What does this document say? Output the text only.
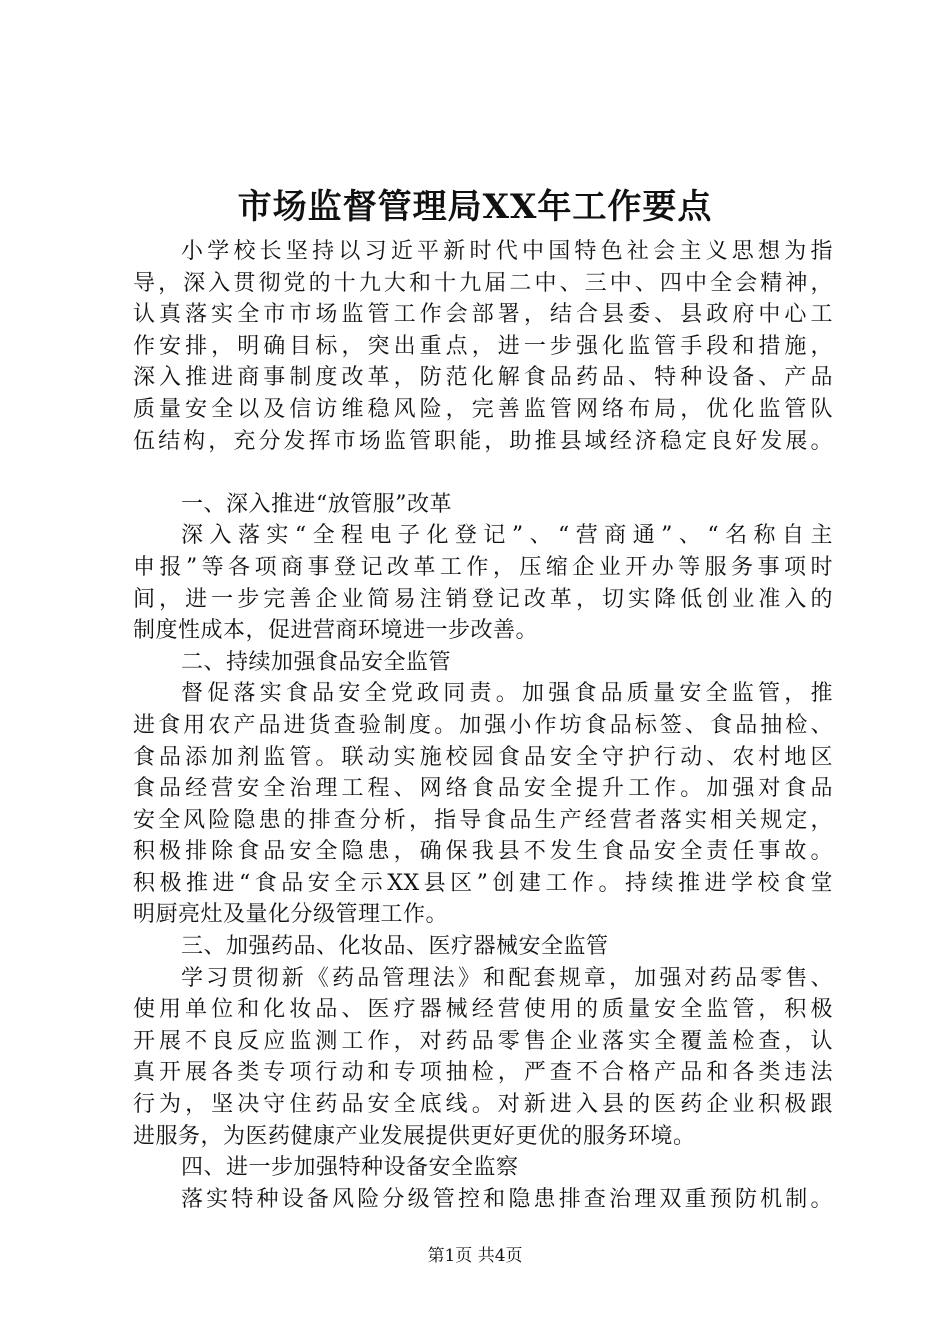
市场监督管理局XX年工作要点
小学校长坚持以习近平新时代中国特色社会主义思想为指
导，深入贯彻党的十九大和十九届二中、三中、四中全会精神，
认真落实全市市场监管工作会部署，结合县委、县政府中心工
作安排，明确目标，突出重点，进一步强化监管手段和措施，
深入推进商事制度改革，防范化解食品药品、特种设备、产品
质量安全以及信访维稳风险，完善监管网络布局，优化监管队
伍结构，充分发挥市场监管职能，助推县域经济稳定良好发展。
一、深入推进“放管服”改革
深入落实“全程电子化登记”、“营商通”、“名称自主
申报”等各项商事登记改革工作，压缩企业开办等服务事项时
间，进一步完善企业简易注销登记改革，切实降低创业准入的
制度性成本，促进营商环境进一步改善。
二、持续加强食品安全监管
督促落实食品安全党政同责。加强食品质量安全监管，推
进食用农产品进货查验制度。加强小作坊食品标签、食品抽检、
食品添加剂监管。联动实施校园食品安全守护行动、农村地区
食品经营安全治理工程、网络食品安全提升工作。加强对食品
安全风险隐患的排查分析，指导食品生产经营者落实相关规定，
积极排除食品安全隐患，确保我县不发生食品安全责任事故。
积极推进“食品安全示XX县区”创建工作。持续推进学校食堂
明厨亮灶及量化分级管理工作。
三、加强药品、化妆品、医疗器械安全监管
学习贯彻新《药品管理法》和配套规章，加强对药品零售、
使用单位和化妆品、医疗器械经营使用的质量安全监管，积极
开展不良反应监测工作，对药品零售企业落实全覆盖检查，认
真开展各类专项行动和专项抽检，严查不合格产品和各类违法
行为，坚决守住药品安全底线。对新进入县的医药企业积极跟
进服务，为医药健康产业发展提供更好更优的服务环境。
四、进一步加强特种设备安全监察
落实特种设备风险分级管控和隐患排查治理双重预防机制。
第1页 共4页
